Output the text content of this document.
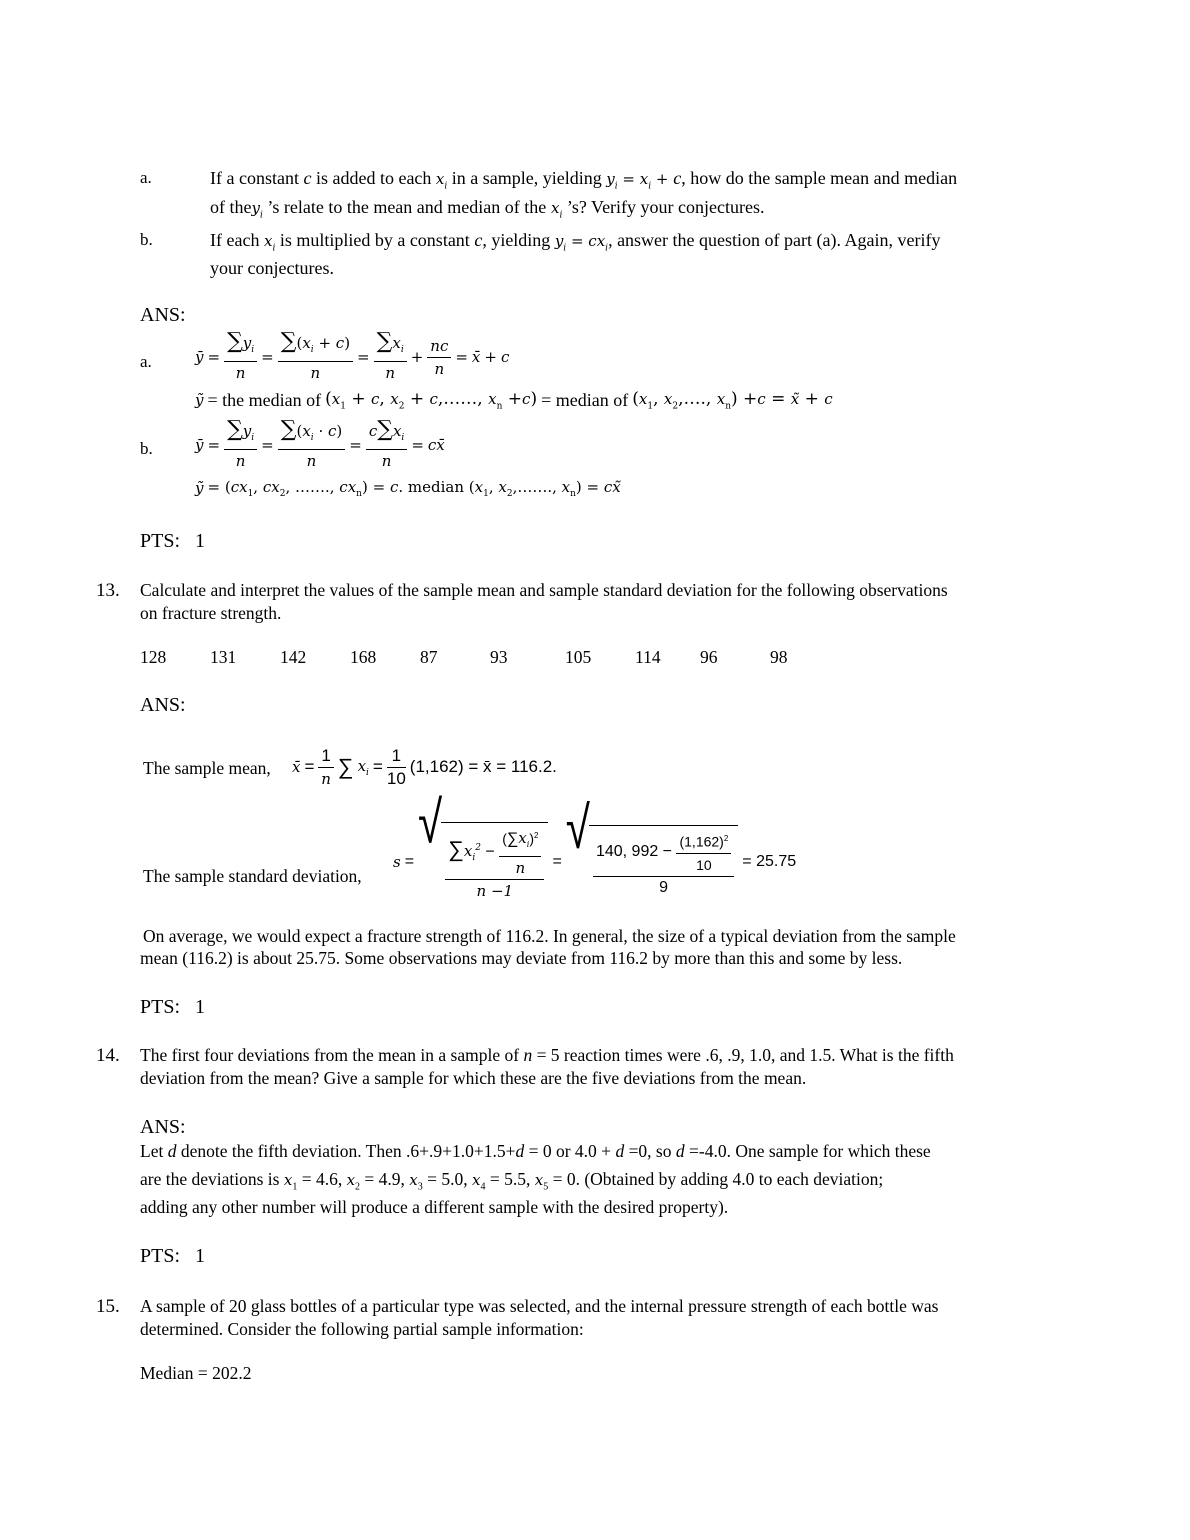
a.	If a constant c is added to each $x_i$ in a sample, yielding $y_i = x_i + c$, how do the sample mean and median
of they$_i$ ’s relate to the mean and median of the $x_i$ ’s? Verify your conjectures.
b.	If each $x_i$ is multiplied by a constant c, yielding $y_i = cx_i$, answer the question of part (a). Again, verify
your conjectures.
ANS:
a.	ȳ = $\frac{\sum y_i}{n} = \frac{\sum(x_i + c)}{n} = \frac{\sum x_i}{n} + \frac{nc}{n}$ = x̄ + c
ỹ = the median of ($x_1 + c$, $x_2$ + c,……, $x_n +c$) = median of ($x_1$, $x_2,\dots$., $x_n) +c$ = x̃ + c
b.	ȳ = $\frac{\sum y_i}{n} = \frac{\sum(x_i \cdot c)}{n} = \frac{c\sum x_i}{n}$ = cx̄
ỹ = ($cx_1$, $cx_2$, ……., $cx_n) = c$. median ($x_1$, $x_2,\dots\dots$., $x_n$) = cx̃
PTS: 1
13. Calculate and interpret the values of the sample mean and sample standard deviation for the following observations
on fracture strength.
128	131	142	168	87	93	105	114	96	98
ANS:
The sample mean, x̄ = $\frac{1}{n}$ ∑ $x_i = \frac{1}{10} (1,162)$ = x̄ = 116.2.
The sample standard deviation,
s =
√
$\frac{\sum x_i^2 - \frac{(\sum x_i)^2}{n}}{n -1}$ =
√ $\frac{140, 992 - \frac{(1,162)^2}{10}}{9} = 25.75$
On average, we would expect a fracture strength of 116.2. In general, the size of a typical deviation from the sample
mean (116.2) is about 25.75. Some observations may deviate from 116.2 by more than this and some by less.
PTS: 1
14. The first four deviations from the mean in a sample of n = 5 reaction times were .6, .9, 1.0, and 1.5. What is the fifth
deviation from the mean? Give a sample for which these are the five deviations from the mean.
ANS:
Let d denote the fifth deviation. Then .6+.9+1.0+1.5+d = 0 or 4.0 + d =0, so d =-4.0. One sample for which these
are the deviations is $x_1 = 4.6$, $x_2 = 4.9$, $x_3 = 5.0$, $x_4 = 5.5$, $x_5 = 0$. (Obtained by adding 4.0 to each deviation;
adding any other number will produce a different sample with the desired property).
PTS: 1
15. A sample of 20 glass bottles of a particular type was selected, and the internal pressure strength of each bottle was
determined. Consider the following partial sample information:
Median = 202.2
